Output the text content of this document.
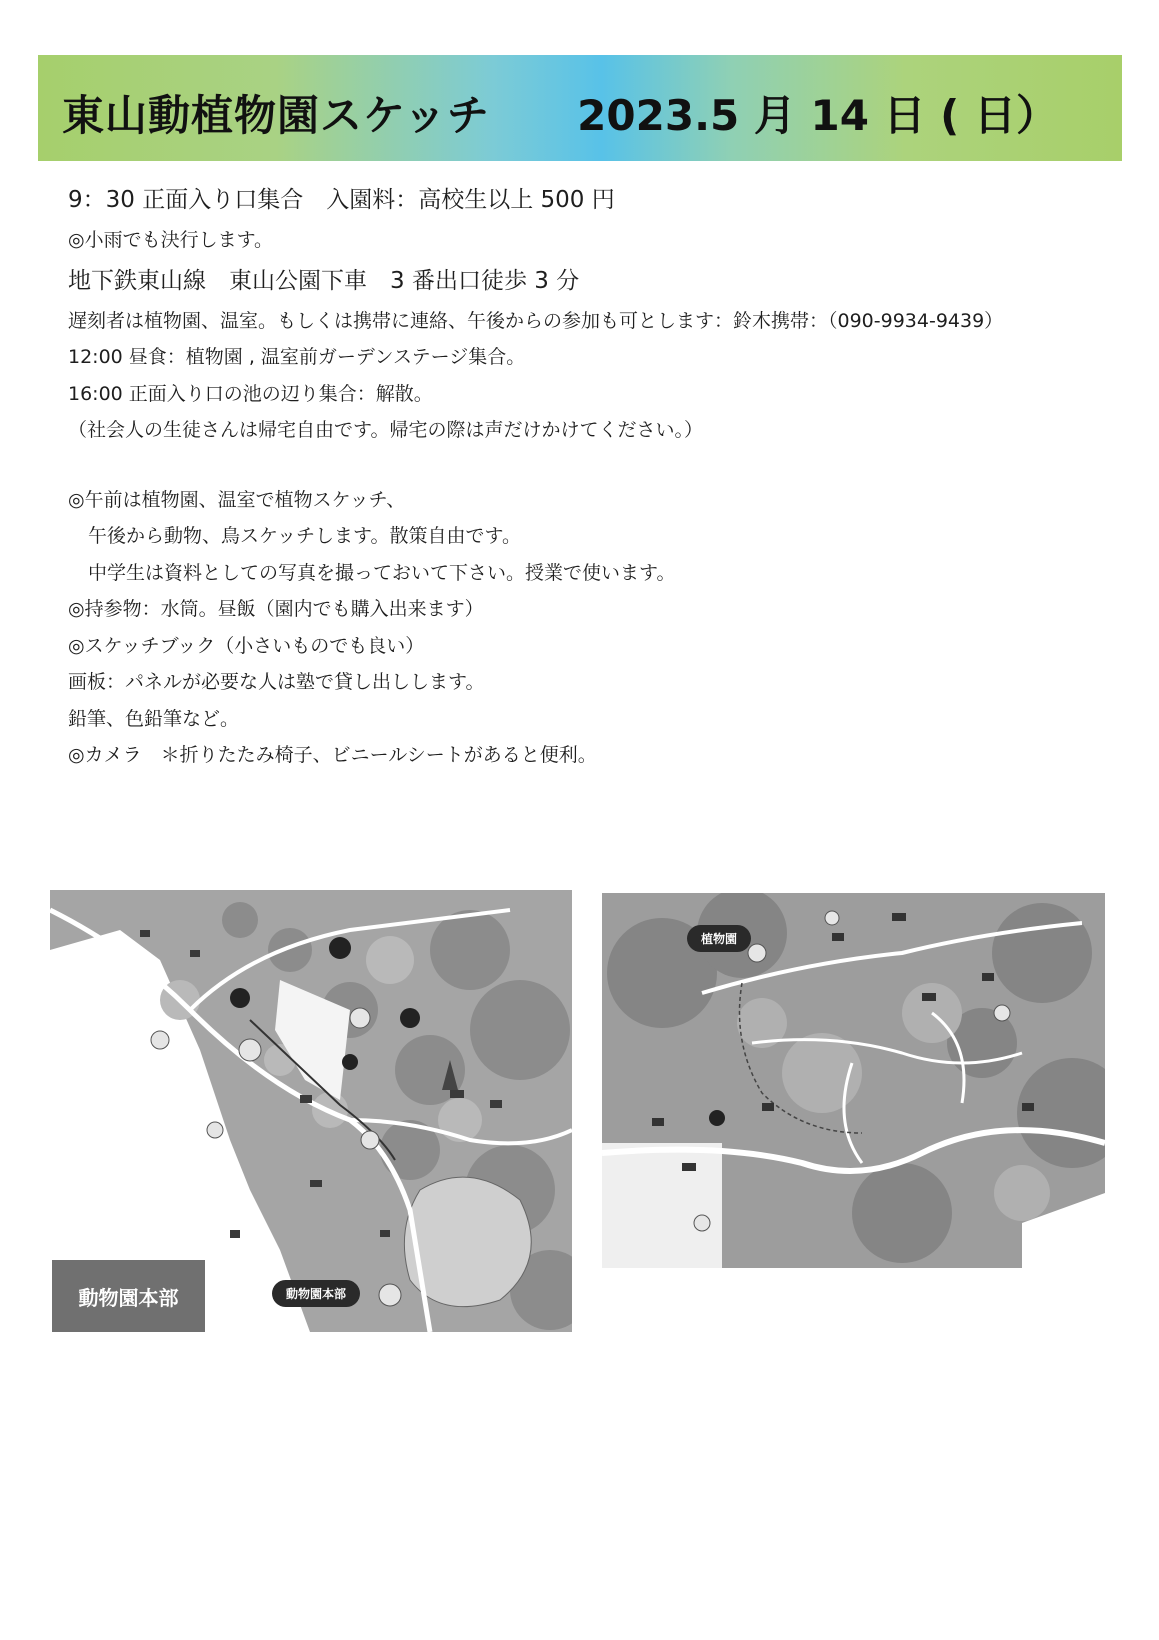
東山動植物園スケッチ 2023.5 月 14 日 ( 日）
9：30 正面入り口集合　入園料：高校生以上 500 円
◎小雨でも決行します。
地下鉄東山線　東山公園下車　3 番出口徒歩 3 分
遅刻者は植物園、温室。もしくは携帯に連絡、午後からの参加も可とします：鈴木携帯：（090-9934-9439）
12:00 昼食：植物園 , 温室前ガーデンステージ集合。
16:00 正面入り口の池の辺り集合：解散。
（社会人の生徒さんは帰宅自由です。帰宅の際は声だけかけてください。）
◎午前は植物園、温室で植物スケッチ、
午後から動物、鳥スケッチします。散策自由です。
中学生は資料としての写真を撮っておいて下さい。授業で使います。
◎持参物：水筒。昼飯（園内でも購入出来ます）
◎スケッチブック（小さいものでも良い）
画板：パネルが必要な人は塾で貸し出しします。
鉛筆、色鉛筆など。
◎カメラ　＊折りたたみ椅子、ビニールシートがあると便利。
動物園本部
動物園本部
植物園
